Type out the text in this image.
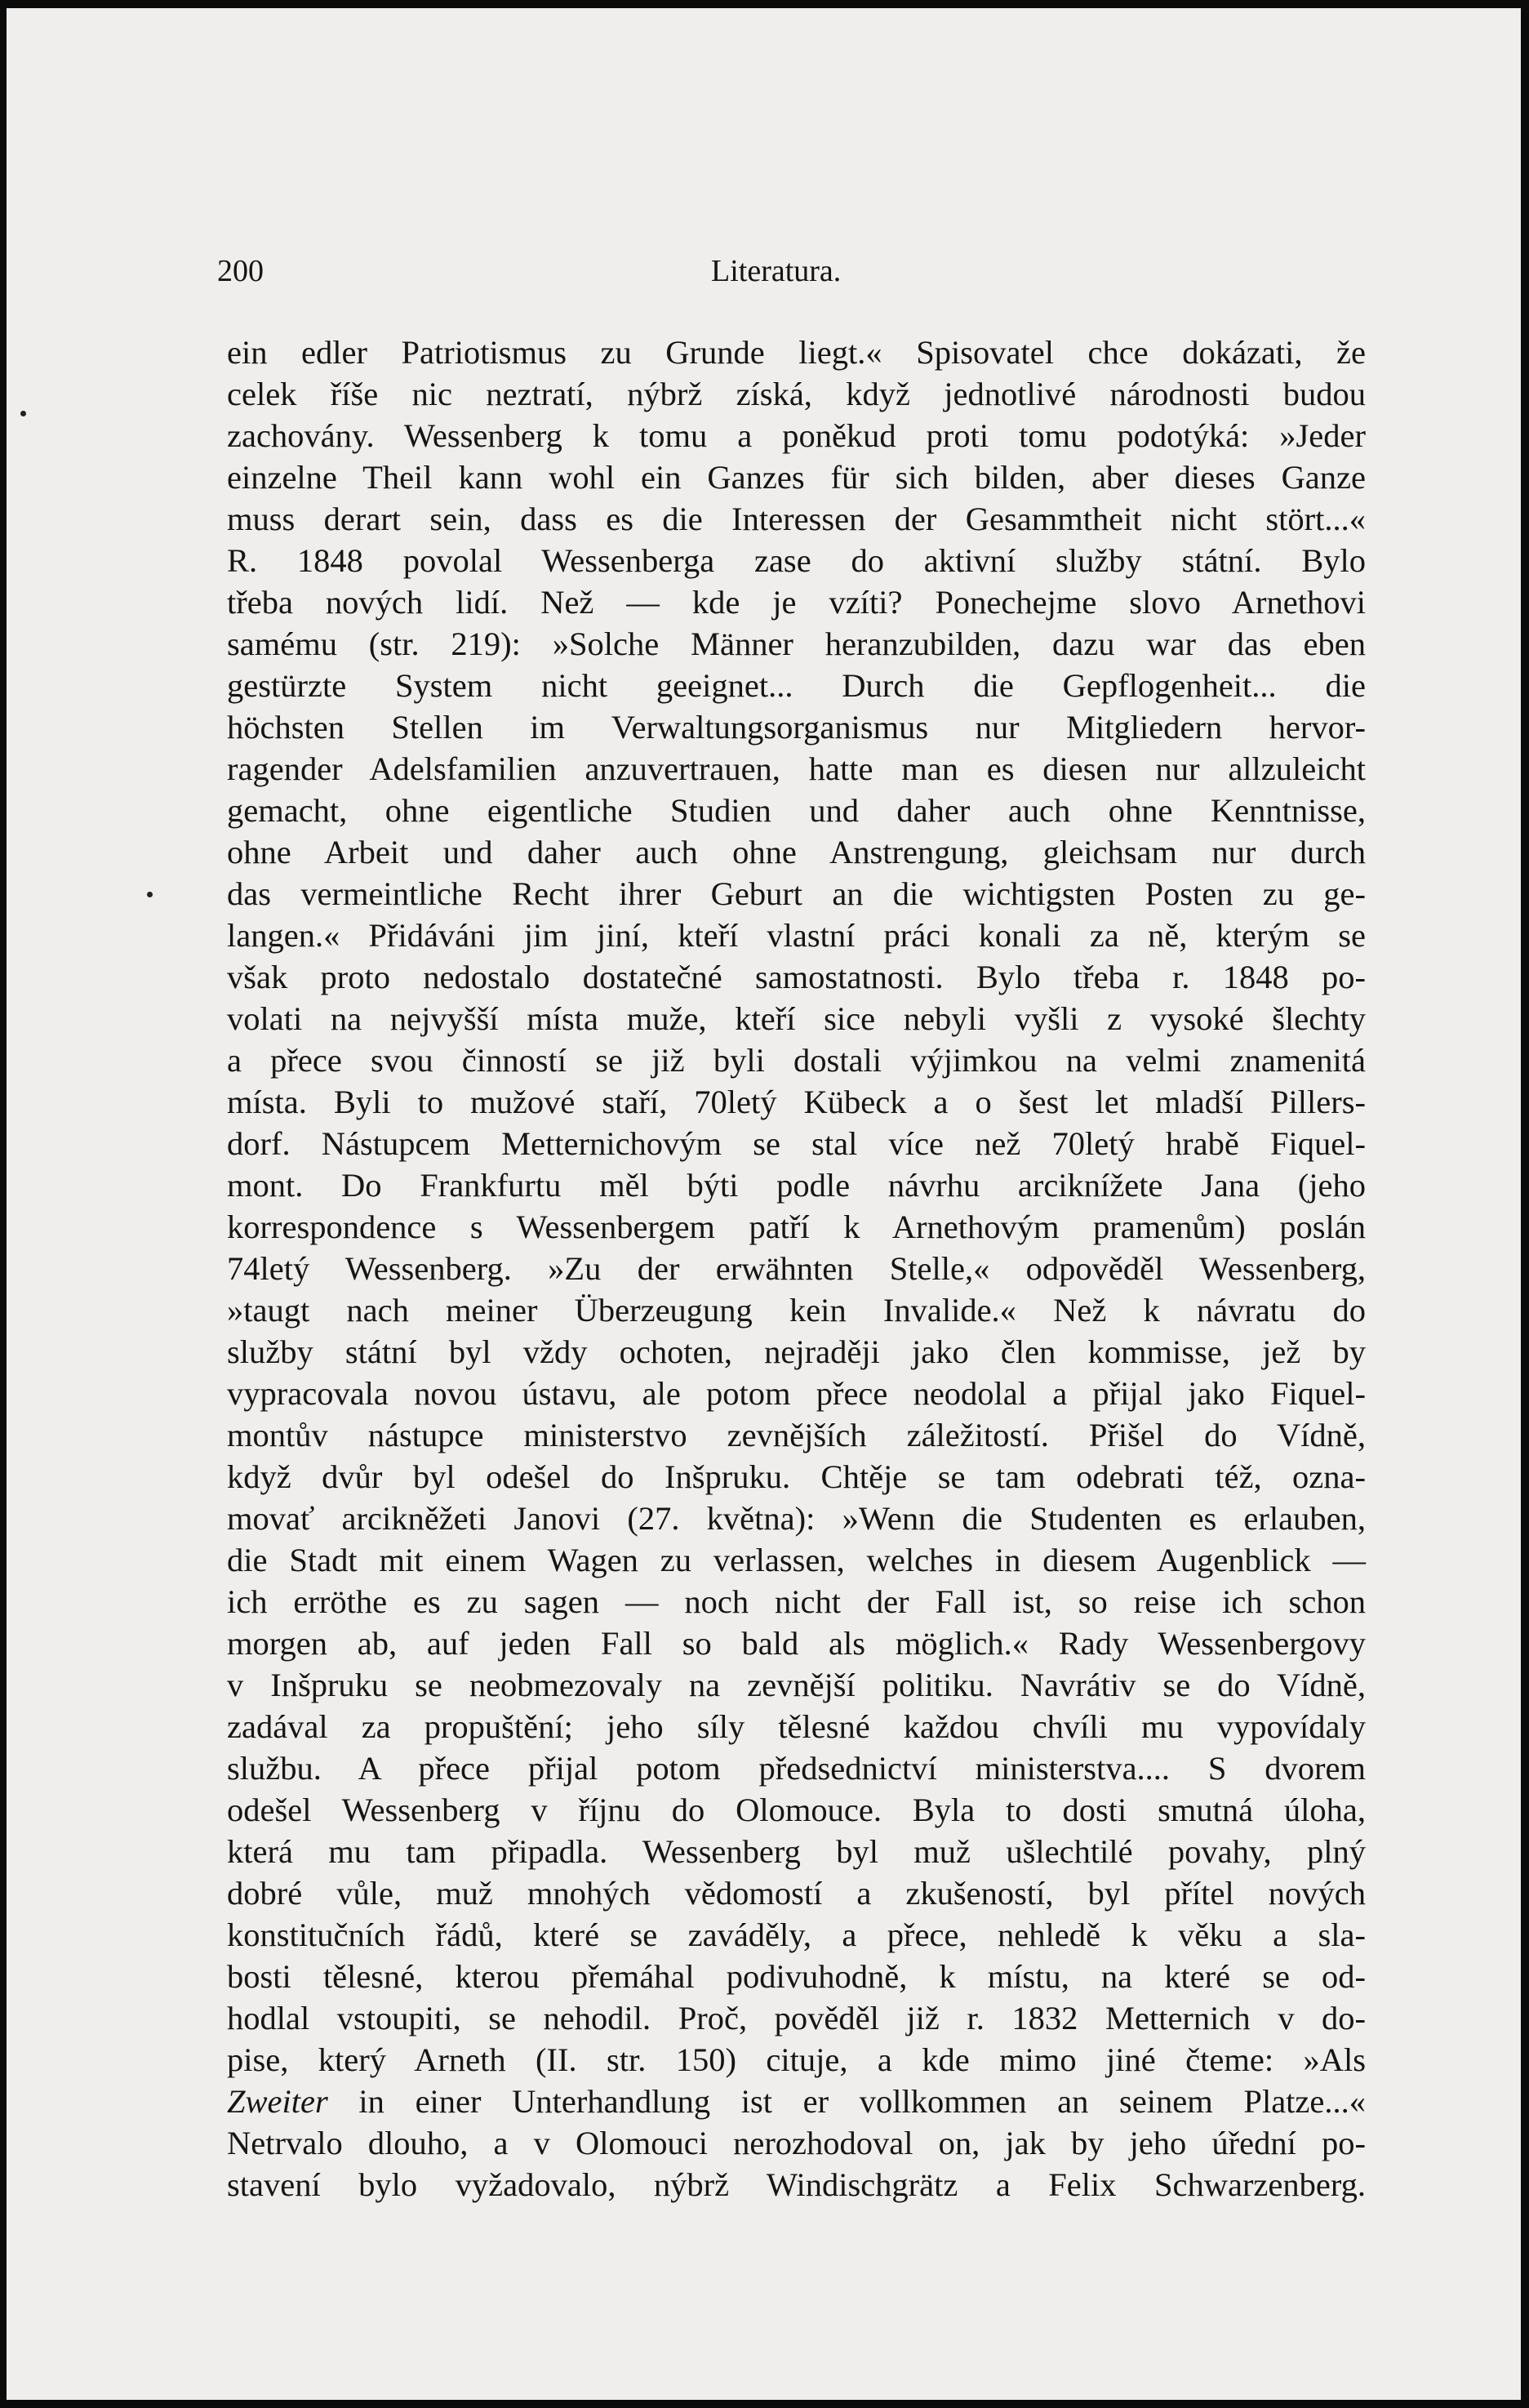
200	Literatura.
ein edler Patriotismus zu Grunde liegt.« Spisovatel chce dokázati, že
celek říše nic neztratí, nýbrž získá, když jednotlivé národnosti budou
zachovány. Wessenberg k tomu a poněkud proti tomu podotýká: »Jeder
einzelne Theil kann wohl ein Ganzes für sich bilden, aber dieses Ganze
muss derart sein, dass es die Interessen der Gesammtheit nicht stört...«
R. 1848 povolal Wessenberga zase do aktivní služby státní. Bylo
třeba nových lidí. Než — kde je vzíti? Ponechejme slovo Arnethovi
samému (str. 219): »Solche Männer heranzubilden, dazu war das eben
gestürzte System nicht geeignet... Durch die Gepflogenheit... die
höchsten Stellen im Verwaltungsorganismus nur Mitgliedern hervor-
ragender Adelsfamilien anzuvertrauen, hatte man es diesen nur allzuleicht
gemacht, ohne eigentliche Studien und daher auch ohne Kenntnisse,
ohne Arbeit und daher auch ohne Anstrengung, gleichsam nur durch
das vermeintliche Recht ihrer Geburt an die wichtigsten Posten zu ge-
langen.« Přidáváni jim jiní, kteří vlastní práci konali za ně, kterým se
však proto nedostalo dostatečné samostatnosti. Bylo třeba r. 1848 po-
volati na nejvyšší místa muže, kteří sice nebyli vyšli z vysoké šlechty
a přece svou činností se již byli dostali výjimkou na velmi znamenitá
místa. Byli to mužové staří, 70letý Kübeck a o šest let mladší Pillers-
dorf. Nástupcem Metternichovým se stal více než 70letý hrabě Fiquel-
mont. Do Frankfurtu měl býti podle návrhu arciknížete Jana (jeho
korrespondence s Wessenbergem patří k Arnethovým pramenům) poslán
74letý Wessenberg. »Zu der erwähnten Stelle,« odpověděl Wessenberg,
»taugt nach meiner Überzeugung kein Invalide.« Než k návratu do
služby státní byl vždy ochoten, nejraději jako člen kommisse, jež by
vypracovala novou ústavu, ale potom přece neodolal a přijal jako Fiquel-
montův nástupce ministerstvo zevnějších záležitostí. Přišel do Vídně,
když dvůr byl odešel do Inšpruku. Chtěje se tam odebrati též, ozna-
movať arcikněžeti Janovi (27. května): »Wenn die Studenten es erlauben,
die Stadt mit einem Wagen zu verlassen, welches in diesem Augenblick —
ich erröthe es zu sagen — noch nicht der Fall ist, so reise ich schon
morgen ab, auf jeden Fall so bald als möglich.« Rady Wessenbergovy
v Inšpruku se neobmezovaly na zevnější politiku. Navrátiv se do Vídně,
zadával za propuštění; jeho síly tělesné každou chvíli mu vypovídaly
službu. A přece přijal potom předsednictví ministerstva.... S dvorem
odešel Wessenberg v říjnu do Olomouce. Byla to dosti smutná úloha,
která mu tam připadla. Wessenberg byl muž ušlechtilé povahy, plný
dobré vůle, muž mnohých vědomostí a zkušeností, byl přítel nových
konstitučních řádů, které se zaváděly, a přece, nehledě k věku a sla-
bosti tělesné, kterou přemáhal podivuhodně, k místu, na které se od-
hodlal vstoupiti, se nehodil. Proč, pověděl již r. 1832 Metternich v do-
pise, který Arneth (II. str. 150) cituje, a kde mimo jiné čteme: »Als
Zweiter in einer Unterhandlung ist er vollkommen an seinem Platze...«
Netrvalo dlouho, a v Olomouci nerozhodoval on, jak by jeho úřední po-
stavení bylo vyžadovalo, nýbrž Windischgrätz a Felix Schwarzenberg.
